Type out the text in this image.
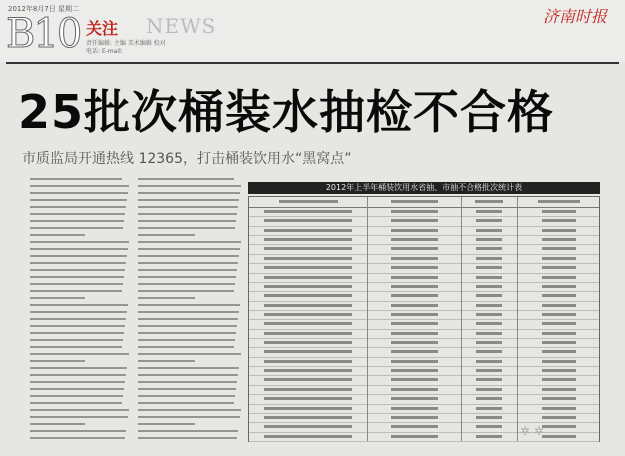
2012年8月7日 星期二
B10 关注 NEWS
责任编辑: 主编 美术编辑 校对
电话: E-mail:
济南时报
25批次桶装水抽检不合格
市质监局开通热线 12365，打击桶装饮用水“黑窝点”
2012年上半年桶装饮用水省抽、市抽不合格批次统计表
✲ ✲
